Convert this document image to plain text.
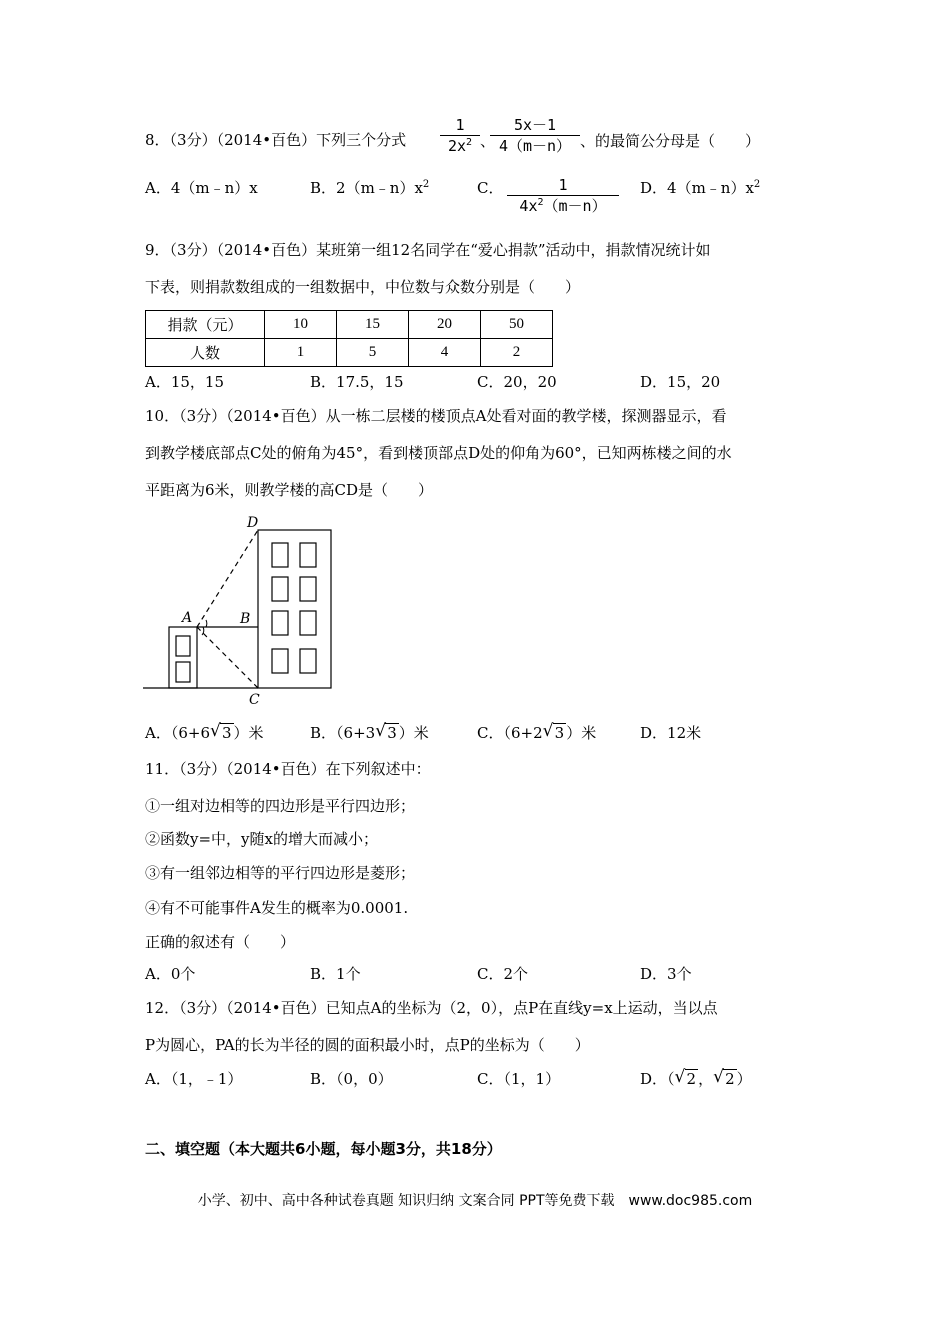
8．（3分）（2014•百色）下列三个分式
1
$2x^2$ 、
5x－1
4（m－n） 、的最简公分母是（　　）
A．4（m﹣n）x	B．$2(m﹣n)x^2$	C．	1
$4x^2(m-n)$
D．$4(m﹣n)x^2$
9．（3分）（2014•百色）某班第一组12名同学在“爱心捐款”活动中，捐款情况统计如
下表，则捐款数组成的一组数据中，中位数与众数分别是（　　）
捐款（元）	10	15	20	50
人数	1	5	4	2
A．15，15	B．17.5，15	C．20，20	D．15，20
10．（3分）（2014•百色）从一栋二层楼的楼顶点A处看对面的教学楼，探测器显示，看
到教学楼底部点C处的俯角为45°，看到楼顶部点D处的仰角为60°，已知两栋楼之间的水
平距离为6米，则教学楼的高CD是（　　）
D
A	B
C
A．（6+6 √ 3 ）米	B．（6+3 √ 3 ）米	C．（6+2 √ 3 ）米	D．12米
11．（3分）（2014•百色）在下列叙述中：
①一组对边相等的四边形是平行四边形；
②函数y=中，y随x的增大而减小；
③有一组邻边相等的平行四边形是菱形；
④有不可能事件A发生的概率为0.0001.
正确的叙述有（　　）
A．0个	B．1个	C．2个	D．3个
12．（3分）（2014•百色）已知点A的坐标为（2，0），点P在直线y=x上运动，当以点
P为圆心，PA的长为半径的圆的面积最小时，点P的坐标为（　　）
A．（1，﹣1）	B．（0，0）	C．（1，1）	D．（ √ 2 ， √ 2 ）
二、填空题（本大题共6小题，每小题3分，共18分）
小学、初中、高中各种试卷真题 知识归纳 文案合同 PPT等免费下载　www.doc985.com
